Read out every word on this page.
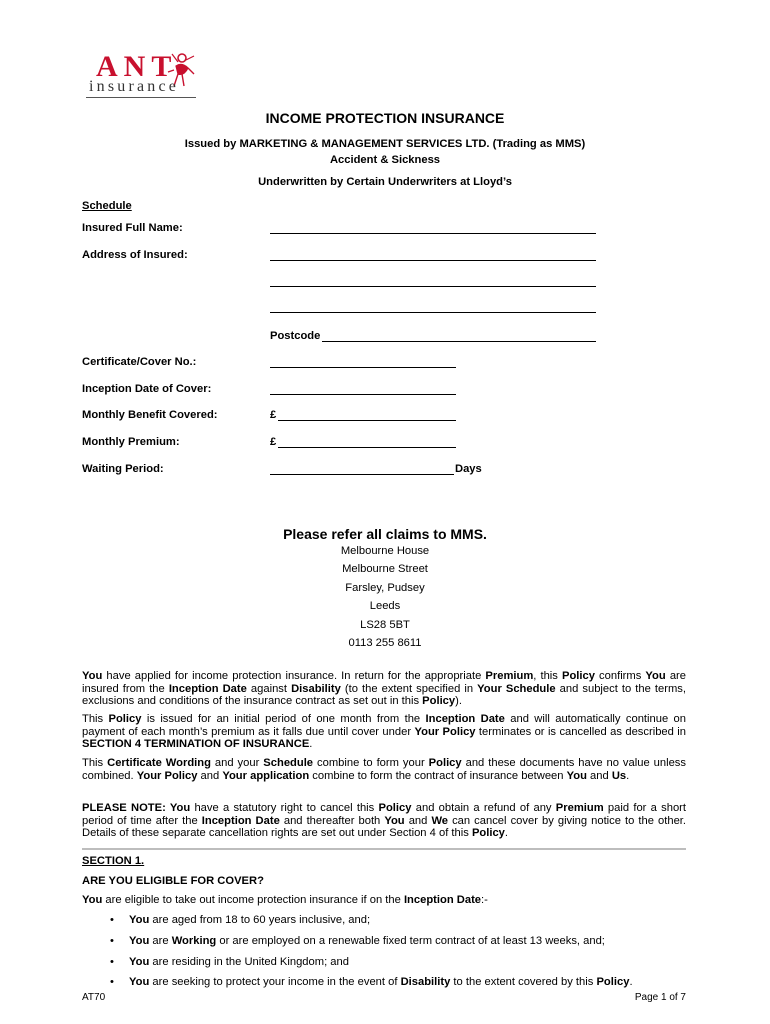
ANT
insurance
INCOME PROTECTION INSURANCE
Issued by MARKETING & MANAGEMENT SERVICES LTD. (Trading as MMS)
Accident & Sickness
Underwritten by Certain Underwriters at Lloyd’s
Schedule
Insured Full Name:
Address of Insured:
Postcode
Certificate/Cover No.:
Inception Date of Cover:
Monthly Benefit Covered:	£
Monthly Premium:	£
Waiting Period:	Days
Please refer all claims to MMS.
Melbourne House
Melbourne Street
Farsley, Pudsey
Leeds
LS28 5BT
0113 255 8611
You have applied for income protection insurance. In return for the appropriate Premium, this Policy confirms You are insured from the Inception Date against Disability (to the extent specified in Your Schedule and subject to the terms, exclusions and conditions of the insurance contract as set out in this Policy).
This Policy is issued for an initial period of one month from the Inception Date and will automatically continue on payment of each month’s premium as it falls due until cover under Your Policy terminates or is cancelled as described in SECTION 4 TERMINATION OF INSURANCE.
This Certificate Wording and your Schedule combine to form your Policy and these documents have no value unless combined. Your Policy and Your application combine to form the contract of insurance between You and Us.
PLEASE NOTE: You have a statutory right to cancel this Policy and obtain a refund of any Premium paid for a short period of time after the Inception Date and thereafter both You and We can cancel cover by giving notice to the other. Details of these separate cancellation rights are set out under Section 4 of this Policy.
SECTION 1.
ARE YOU ELIGIBLE FOR COVER?
You are eligible to take out income protection insurance if on the Inception Date:-
• You are aged from 18 to 60 years inclusive, and;
• You are Working or are employed on a renewable fixed term contract of at least 13 weeks, and;
• You are residing in the United Kingdom; and
• You are seeking to protect your income in the event of Disability to the extent covered by this Policy.
AT70	Page 1 of 7
